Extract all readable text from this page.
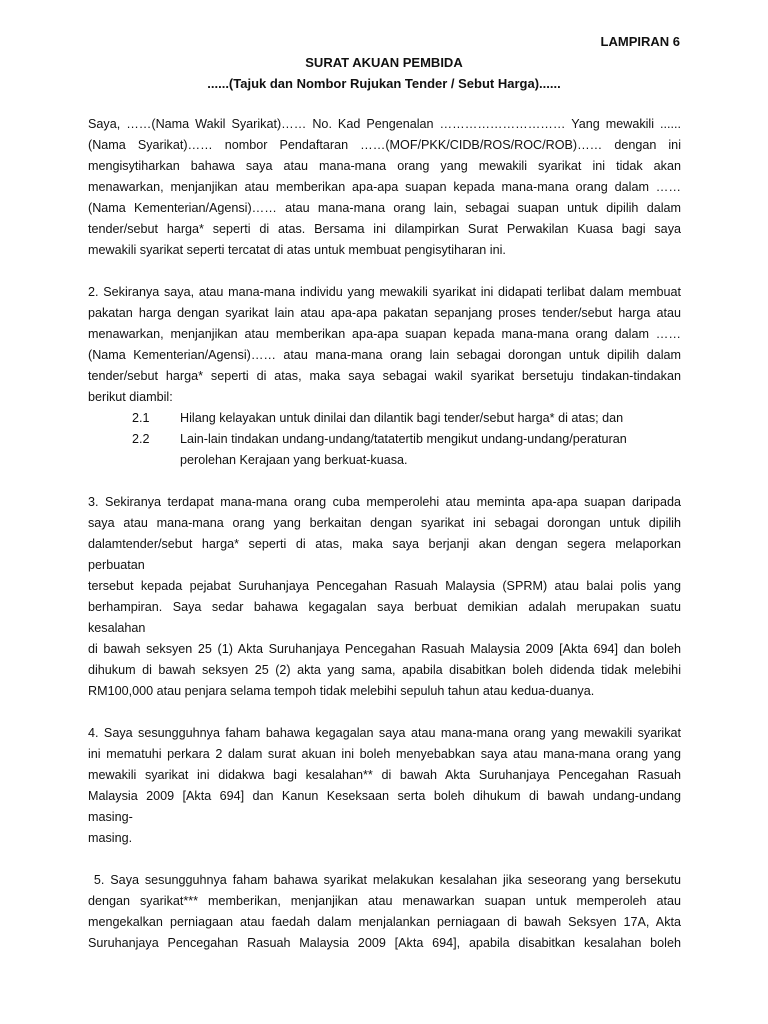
LAMPIRAN 6
SURAT AKUAN PEMBIDA
......(Tajuk dan Nombor Rujukan Tender / Sebut Harga)......
Saya, ……(Nama Wakil Syarikat)…… No. Kad Pengenalan ………………………… Yang mewakili ......
(Nama Syarikat)…… nombor Pendaftaran ……(MOF/PKK/CIDB/ROS/ROC/ROB)…… dengan ini
mengisytiharkan bahawa saya atau mana-mana orang yang mewakili syarikat ini tidak akan
menawarkan, menjanjikan atau memberikan apa-apa suapan kepada mana-mana orang dalam ……
(Nama Kementerian/Agensi)…… atau mana-mana orang lain, sebagai suapan untuk dipilih dalam
tender/sebut harga* seperti di atas. Bersama ini dilampirkan Surat Perwakilan Kuasa bagi saya
mewakili syarikat seperti tercatat di atas untuk membuat pengisytiharan ini.
2. Sekiranya saya, atau mana-mana individu yang mewakili syarikat ini didapati terlibat dalam membuat
pakatan harga dengan syarikat lain atau apa-apa pakatan sepanjang proses tender/sebut harga atau
menawarkan, menjanjikan atau memberikan apa-apa suapan kepada mana-mana orang dalam ……
(Nama Kementerian/Agensi)…… atau mana-mana orang lain sebagai dorongan untuk dipilih dalam
tender/sebut harga* seperti di atas, maka saya sebagai wakil syarikat bersetuju tindakan-tindakan
berikut diambil:
2.1	Hilang kelayakan untuk dinilai dan dilantik bagi tender/sebut harga* di atas; dan
2.2	Lain-lain tindakan undang-undang/tatatertib mengikut undang-undang/peraturan
perolehan Kerajaan yang berkuat-kuasa.
3. Sekiranya terdapat mana-mana orang cuba memperolehi atau meminta apa-apa suapan daripada
saya atau mana-mana orang yang berkaitan dengan syarikat ini sebagai dorongan untuk dipilih
dalamtender/sebut harga* seperti di atas, maka saya berjanji akan dengan segera melaporkan
perbuatan
tersebut kepada pejabat Suruhanjaya Pencegahan Rasuah Malaysia (SPRM) atau balai polis yang
berhampiran. Saya sedar bahawa kegagalan saya berbuat demikian adalah merupakan suatu
kesalahan
di bawah seksyen 25 (1) Akta Suruhanjaya Pencegahan Rasuah Malaysia 2009 [Akta 694] dan boleh
dihukum di bawah seksyen 25 (2) akta yang sama, apabila disabitkan boleh didenda tidak melebihi
RM100,000 atau penjara selama tempoh tidak melebihi sepuluh tahun atau kedua-duanya.
4. Saya sesungguhnya faham bahawa kegagalan saya atau mana-mana orang yang mewakili syarikat
ini mematuhi perkara 2 dalam surat akuan ini boleh menyebabkan saya atau mana-mana orang yang
mewakili syarikat ini didakwa bagi kesalahan** di bawah Akta Suruhanjaya Pencegahan Rasuah
Malaysia 2009 [Akta 694] dan Kanun Keseksaan serta boleh dihukum di bawah undang-undang
masing-
masing.
5. Saya sesungguhnya faham bahawa syarikat melakukan kesalahan jika seseorang yang bersekutu
dengan syarikat*** memberikan, menjanjikan atau menawarkan suapan untuk memperoleh atau
mengekalkan perniagaan atau faedah dalam menjalankan perniagaan di bawah Seksyen 17A, Akta
Suruhanjaya Pencegahan Rasuah Malaysia 2009 [Akta 694], apabila disabitkan kesalahan boleh
